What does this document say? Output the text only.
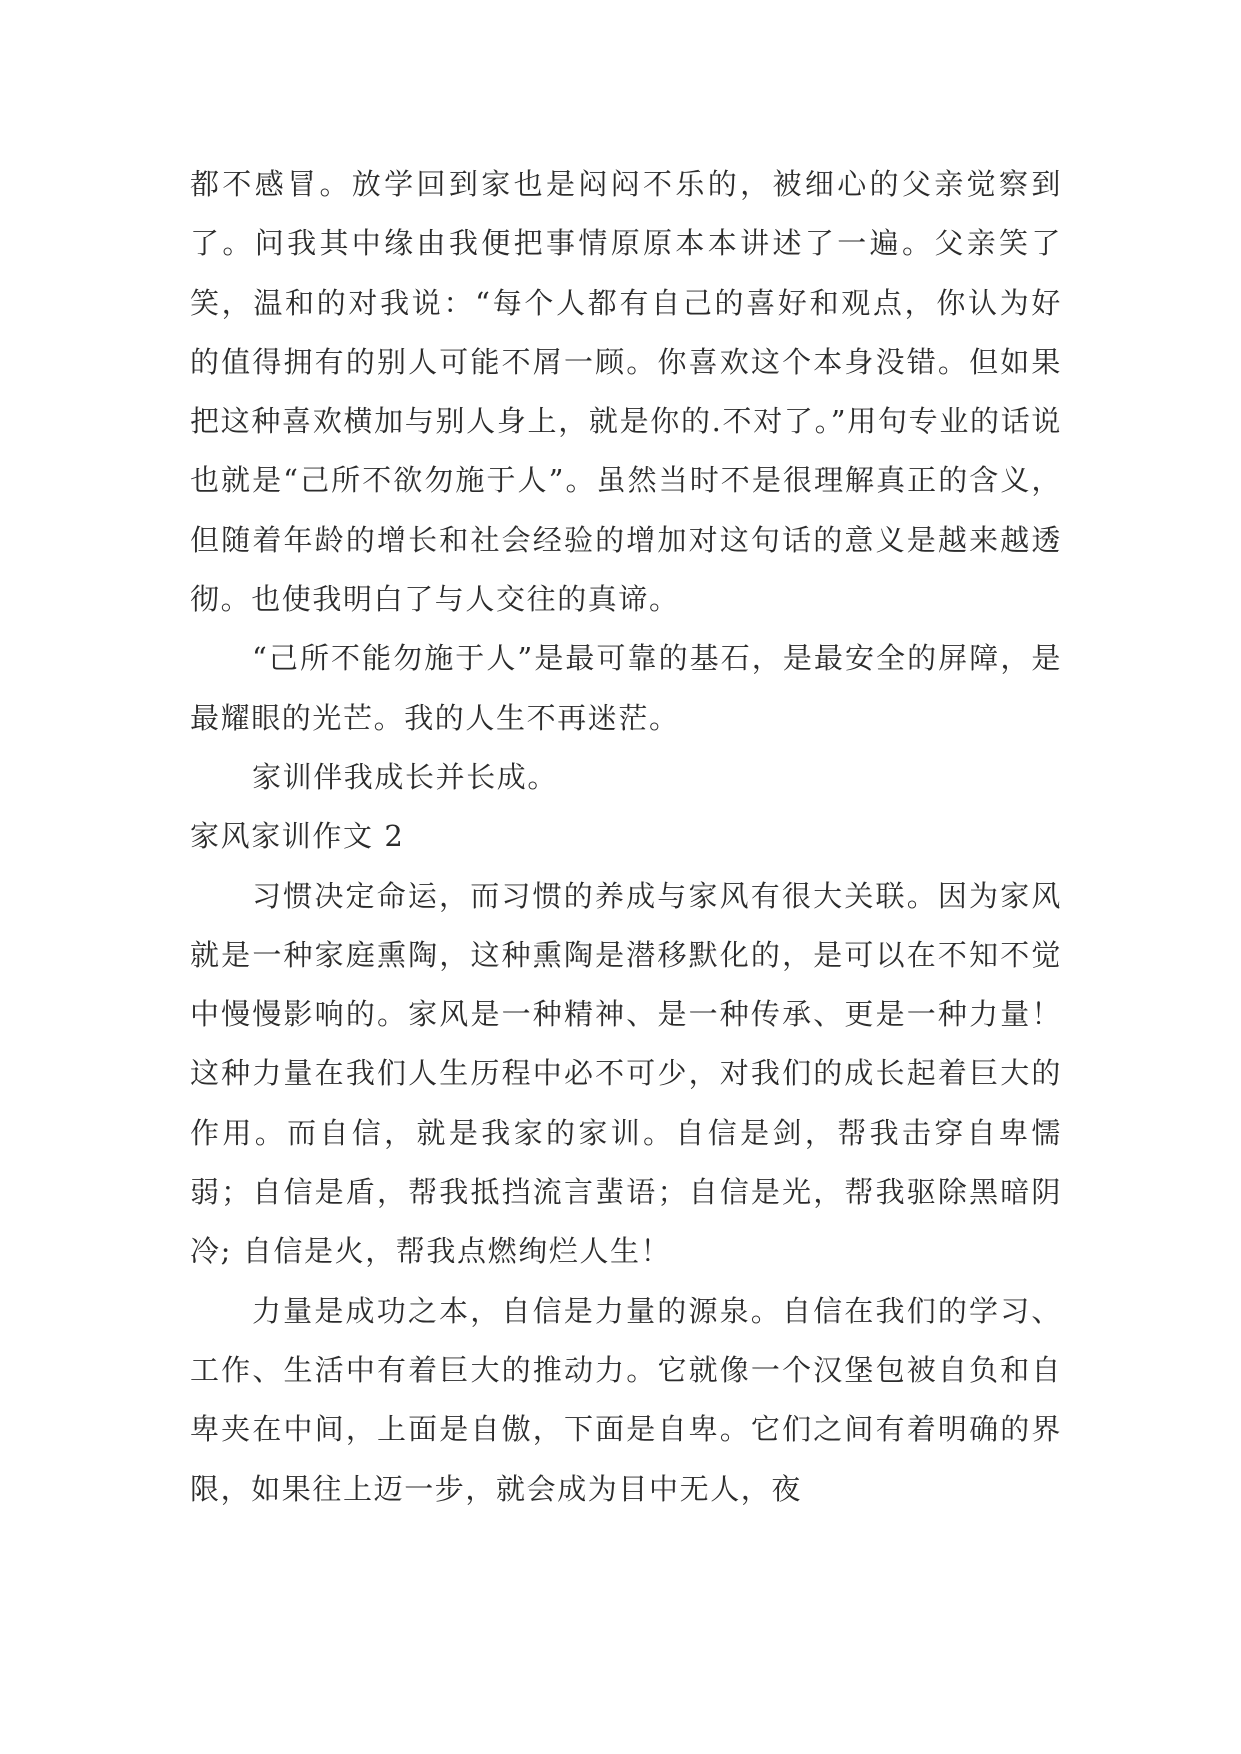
都不感冒。放学回到家也是闷闷不乐的，被细心的父亲觉察到了。问我其中缘由我便把事情原原本本讲述了一遍。父亲笑了笑，温和的对我说：“每个人都有自己的喜好和观点，你认为好的值得拥有的别人可能不屑一顾。你喜欢这个本身没错。但如果把这种喜欢横加与别人身上，就是你的.不对了。”用句专业的话说也就是“己所不欲勿施于人”。虽然当时不是很理解真正的含义，但随着年龄的增长和社会经验的增加对这句话的意义是越来越透彻。也使我明白了与人交往的真谛。

“己所不能勿施于人”是最可靠的基石，是最安全的屏障，是最耀眼的光芒。我的人生不再迷茫。

家训伴我成长并长成。

家风家训作文 2

习惯决定命运，而习惯的养成与家风有很大关联。因为家风就是一种家庭熏陶，这种熏陶是潜移默化的，是可以在不知不觉中慢慢影响的。家风是一种精神、是一种传承、更是一种力量！这种力量在我们人生历程中必不可少，对我们的成长起着巨大的作用。而自信，就是我家的家训。自信是剑，帮我击穿自卑懦弱；自信是盾，帮我抵挡流言蜚语；自信是光，帮我驱除黑暗阴冷; 自信是火，帮我点燃绚烂人生！

力量是成功之本，自信是力量的源泉。自信在我们的学习、工作、生活中有着巨大的推动力。它就像一个汉堡包被自负和自卑夹在中间，上面是自傲，下面是自卑。它们之间有着明确的界限，如果往上迈一步，就会成为目中无人，夜
